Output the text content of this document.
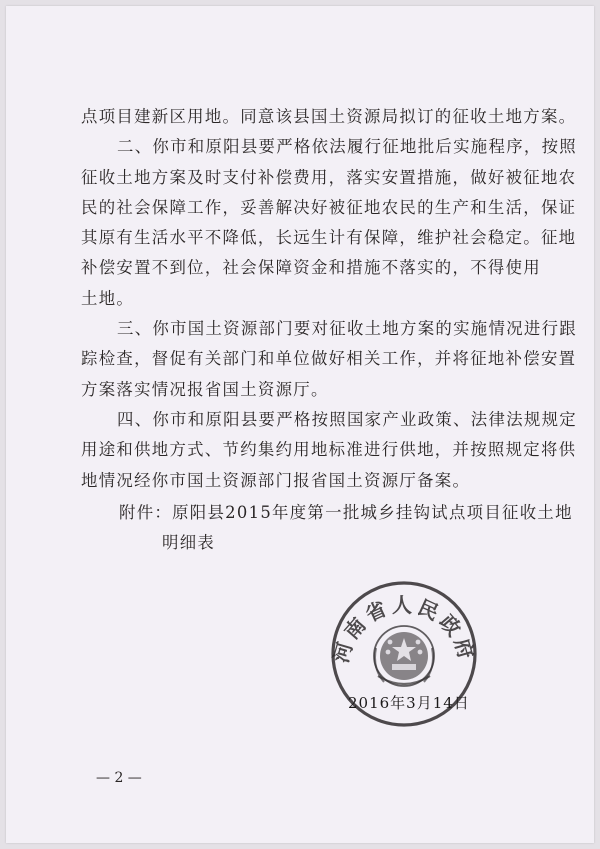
点项目建新区用地。同意该县国土资源局拟订的征收土地方案。
二、你市和原阳县要严格依法履行征地批后实施程序，按照
征收土地方案及时支付补偿费用，落实安置措施，做好被征地农
民的社会保障工作，妥善解决好被征地农民的生产和生活，保证
其原有生活水平不降低，长远生计有保障，维护社会稳定。征地
补偿安置不到位，社会保障资金和措施不落实的，不得使用
土地。
三、你市国土资源部门要对征收土地方案的实施情况进行跟
踪检查，督促有关部门和单位做好相关工作，并将征地补偿安置
方案落实情况报省国土资源厅。
四、你市和原阳县要严格按照国家产业政策、法律法规规定
用途和供地方式、节约集约用地标准进行供地，并按照规定将供
地情况经你市国土资源部门报省国土资源厅备案。
附件：原阳县2015年度第一批城乡挂钩试点项目征收土地
明细表
河南省人民政府
2016年3月14日
— 2 —
